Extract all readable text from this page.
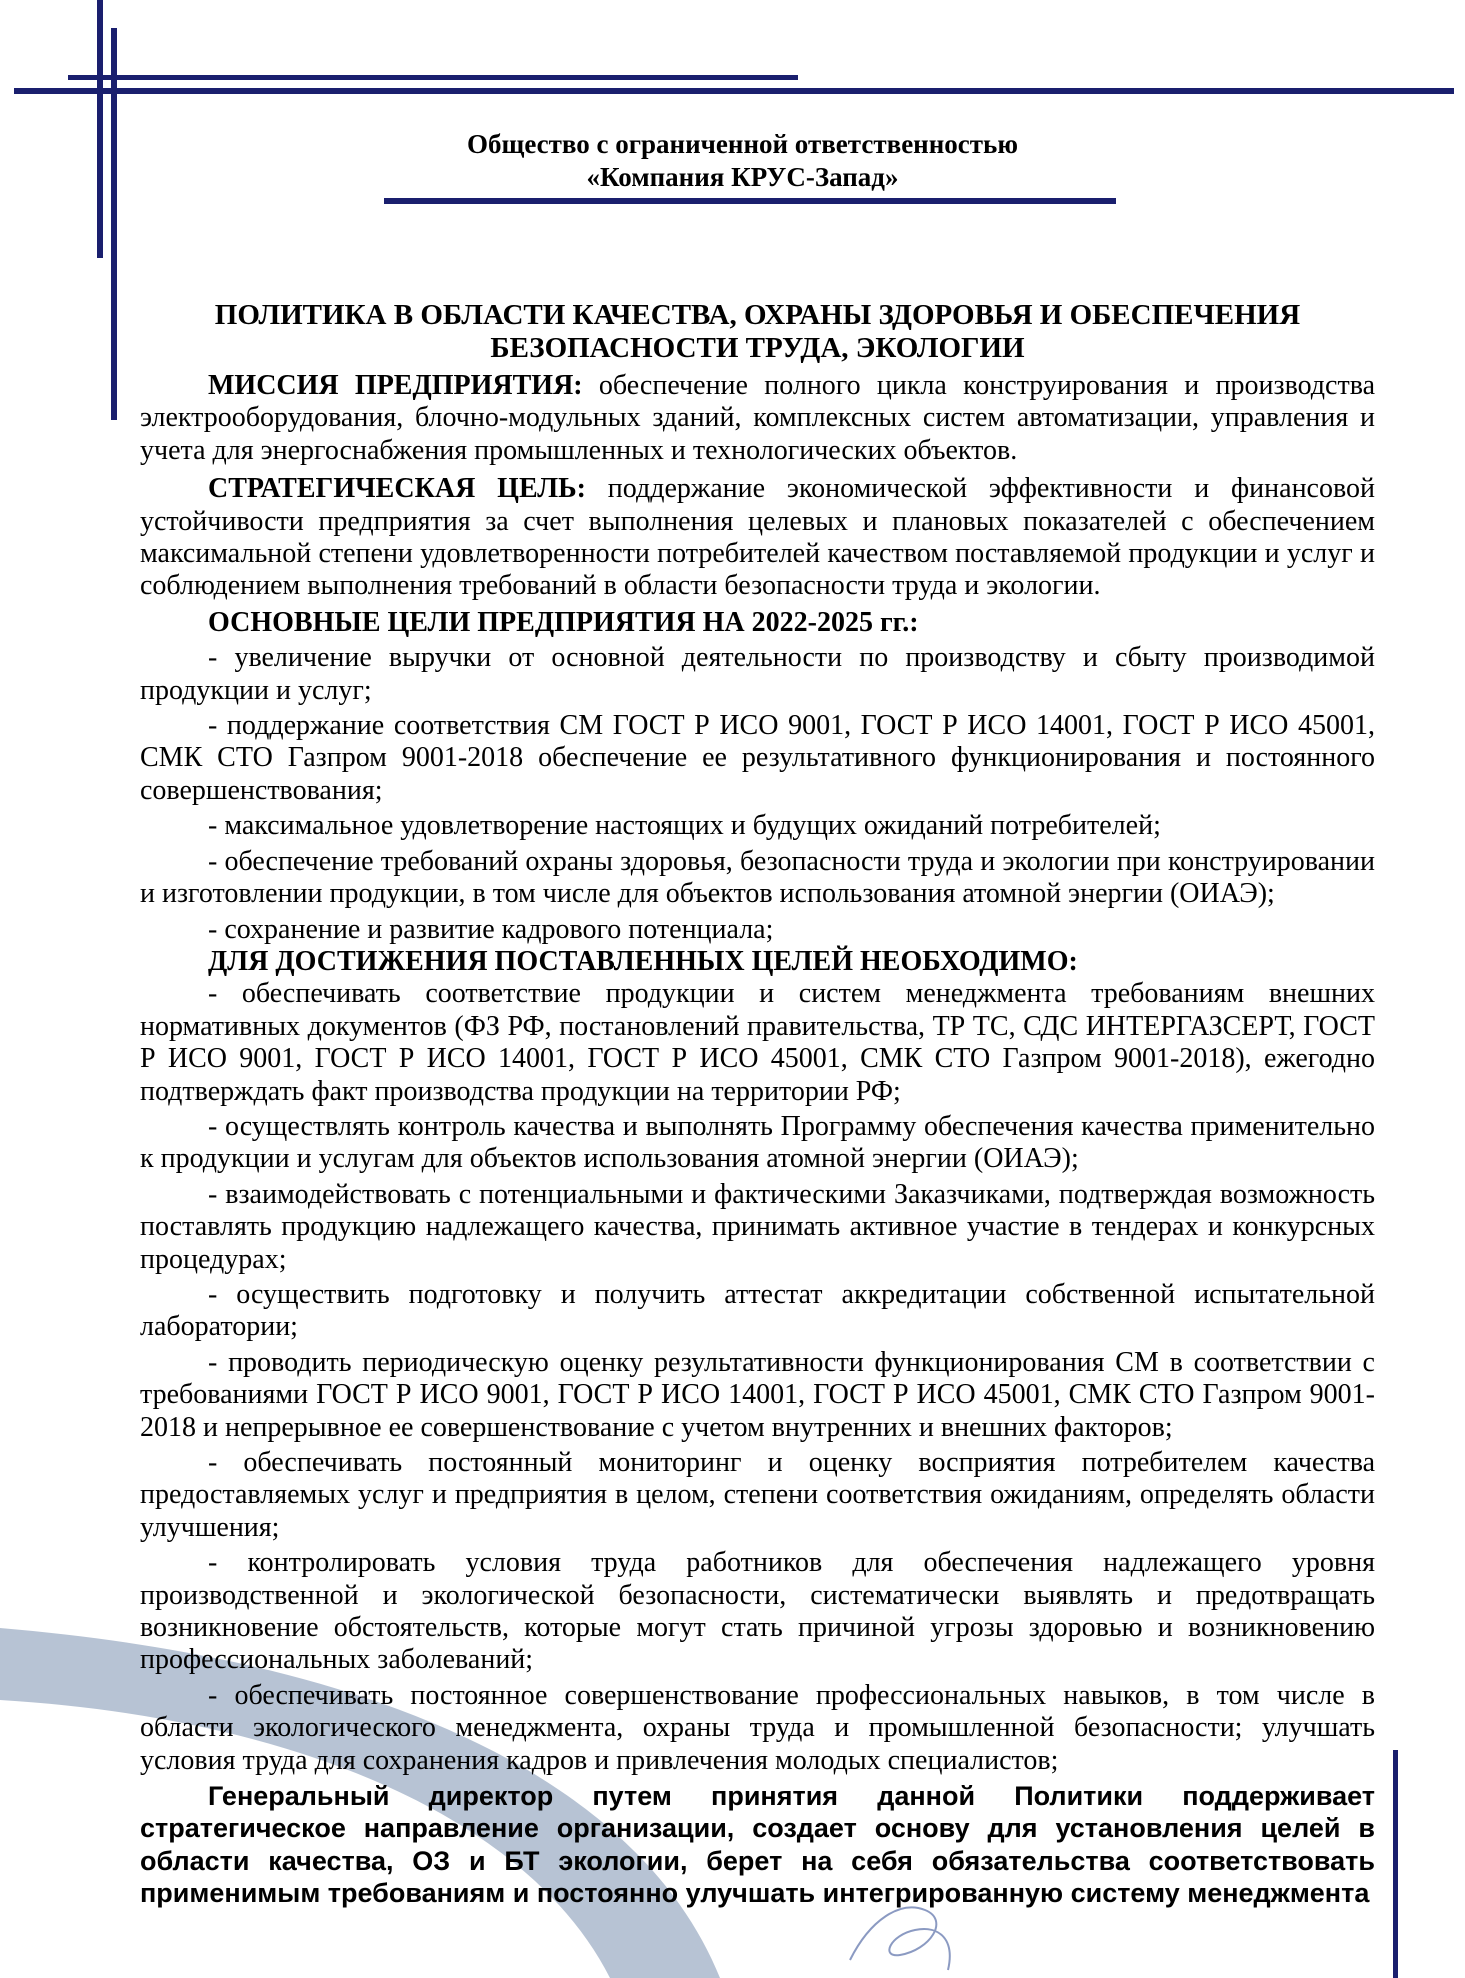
Общество с ограниченной ответственностью
«Компания КРУС-Запад»
ПОЛИТИКА В ОБЛАСТИ КАЧЕСТВА, ОХРАНЫ ЗДОРОВЬЯ И ОБЕСПЕЧЕНИЯ
БЕЗОПАСНОСТИ ТРУДА, ЭКОЛОГИИ

МИССИЯ ПРЕДПРИЯТИЯ: обеспечение полного цикла конструирования и производства электрооборудования, блочно-модульных зданий, комплексных систем автоматизации, управления и учета для энергоснабжения промышленных и технологических объектов.

СТРАТЕГИЧЕСКАЯ ЦЕЛЬ: поддержание экономической эффективности и финансовой устойчивости предприятия за счет выполнения целевых и плановых показателей с обеспечением максимальной степени удовлетворенности потребителей качеством поставляемой продукции и услуг и соблюдением выполнения требований в области безопасности труда и экологии.

ОСНОВНЫЕ ЦЕЛИ ПРЕДПРИЯТИЯ НА 2022-2025 гг.:

- увеличение выручки от основной деятельности по производству и сбыту производимой продукции и услуг;

- поддержание соответствия СМ ГОСТ Р ИСО 9001, ГОСТ Р ИСО 14001, ГОСТ Р ИСО 45001, СМК СТО Газпром 9001-2018 обеспечение ее результативного функционирования и постоянного совершенствования;

- максимальное удовлетворение настоящих и будущих ожиданий потребителей;

- обеспечение требований охраны здоровья, безопасности труда и экологии при конструировании и изготовлении продукции, в том числе для объектов использования атомной энергии (ОИАЭ);

- сохранение и развитие кадрового потенциала;

ДЛЯ ДОСТИЖЕНИЯ ПОСТАВЛЕННЫХ ЦЕЛЕЙ НЕОБХОДИМО:

- обеспечивать соответствие продукции и систем менеджмента требованиям внешних нормативных документов (ФЗ РФ, постановлений правительства, ТР ТС, СДС ИНТЕРГАЗСЕРТ, ГОСТ Р ИСО 9001, ГОСТ Р ИСО 14001, ГОСТ Р ИСО 45001, СМК СТО Газпром 9001-2018), ежегодно подтверждать факт производства продукции на территории РФ;

- осуществлять контроль качества и выполнять Программу обеспечения качества применительно к продукции и услугам для объектов использования атомной энергии (ОИАЭ);

- взаимодействовать с потенциальными и фактическими Заказчиками, подтверждая возможность поставлять продукцию надлежащего качества, принимать активное участие в тендерах и конкурсных процедурах;

- осуществить подготовку и получить аттестат аккредитации собственной испытательной лаборатории;

- проводить периодическую оценку результативности функционирования СМ в соответствии с требованиями ГОСТ Р ИСО 9001, ГОСТ Р ИСО 14001, ГОСТ Р ИСО 45001, СМК СТО Газпром 9001-2018 и непрерывное ее совершенствование с учетом внутренних и внешних факторов;

- обеспечивать постоянный мониторинг и оценку восприятия потребителем качества предоставляемых услуг и предприятия в целом, степени соответствия ожиданиям, определять области улучшения;

- контролировать условия труда работников для обеспечения надлежащего уровня производственной и экологической безопасности, систематически выявлять и предотвращать возникновение обстоятельств, которые могут стать причиной угрозы здоровью и возникновению профессиональных заболеваний;

- обеспечивать постоянное совершенствование профессиональных навыков, в том числе в области экологического менеджмента, охраны труда и промышленной безопасности; улучшать условия труда для сохранения кадров и привлечения молодых специалистов;

Генеральный директор путем принятия данной Политики поддерживает стратегическое направление организации, создает основу для установления целей в области качества, ОЗ и БТ экологии, берет на себя обязательства соответствовать применимым требованиям и постоянно улучшать интегрированную систему менеджмента
